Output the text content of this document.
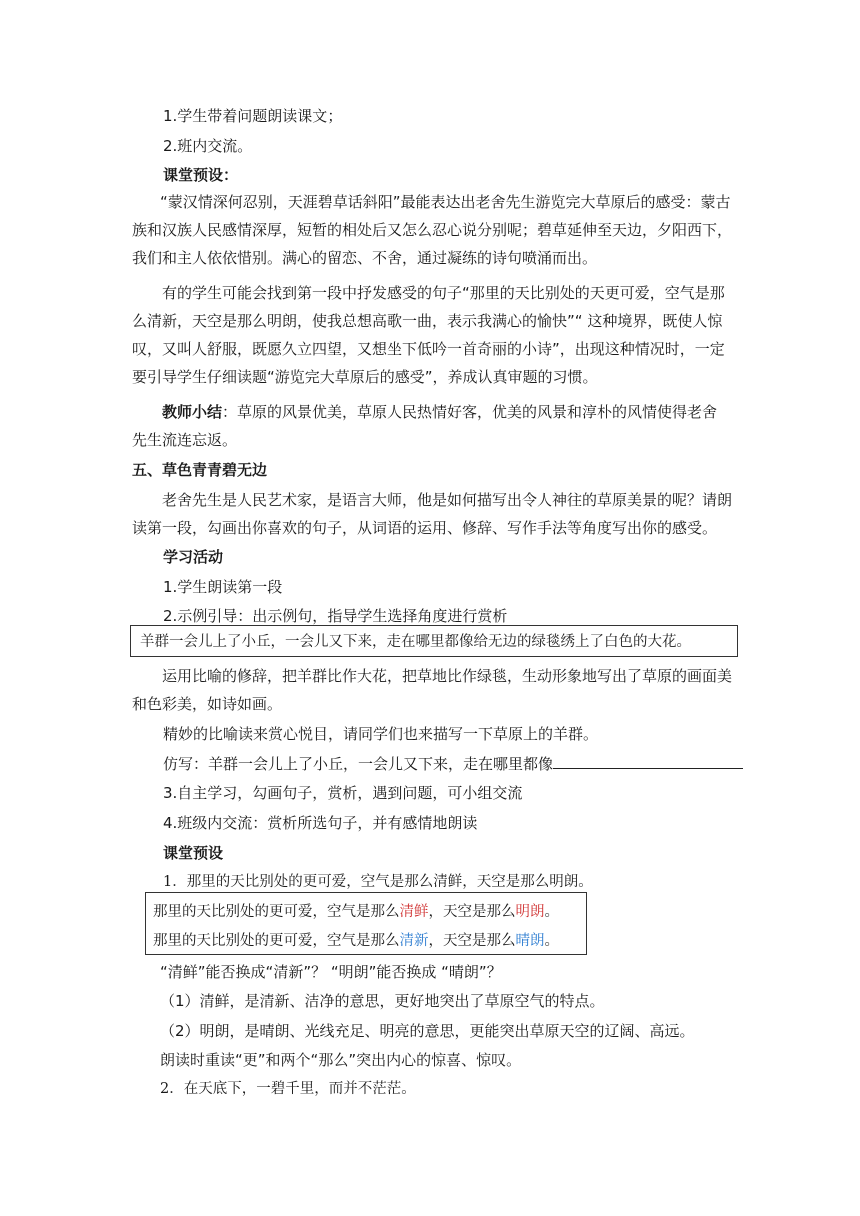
1.学生带着问题朗读课文；
2.班内交流。
课堂预设：
“蒙汉情深何忍别，天涯碧草话斜阳”最能表达出老舍先生游览完大草原后的感受：蒙古族和汉族人民感情深厚，短暂的相处后又怎么忍心说分别呢；碧草延伸至天边，夕阳西下，我们和主人依依惜别。满心的留恋、不舍，通过凝练的诗句喷涌而出。
有的学生可能会找到第一段中抒发感受的句子“那里的天比别处的天更可爱，空气是那么清新，天空是那么明朗，使我总想高歌一曲，表示我满心的愉快”“ 这种境界，既使人惊叹，又叫人舒服，既愿久立四望，又想坐下低吟一首奇丽的小诗”，出现这种情况时，一定要引导学生仔细读题“游览完大草原后的感受”，养成认真审题的习惯。
教师小结：草原的风景优美，草原人民热情好客，优美的风景和淳朴的风情使得老舍先生流连忘返。
五、草色青青碧无边
老舍先生是人民艺术家，是语言大师，他是如何描写出令人神往的草原美景的呢？请朗读第一段，勾画出你喜欢的句子，从词语的运用、修辞、写作手法等角度写出你的感受。
学习活动
1.学生朗读第一段
2.示例引导：出示例句，指导学生选择角度进行赏析
羊群一会儿上了小丘，一会儿又下来，走在哪里都像给无边的绿毯绣上了白色的大花。
运用比喻的修辞，把羊群比作大花，把草地比作绿毯，生动形象地写出了草原的画面美和色彩美，如诗如画。
精妙的比喻读来赏心悦目，请同学们也来描写一下草原上的羊群。
仿写：羊群一会儿上了小丘，一会儿又下来，走在哪里都像
3.自主学习，勾画句子，赏析，遇到问题，可小组交流
4.班级内交流：赏析所选句子，并有感情地朗读
课堂预设
1．那里的天比别处的更可爱，空气是那么清鲜，天空是那么明朗。
那里的天比别处的更可爱，空气是那么清鲜，天空是那么明朗。
那里的天比别处的更可爱，空气是那么清新，天空是那么晴朗。
“清鲜”能否换成“清新”？ “明朗”能否换成 “晴朗”？
（1）清鲜，是清新、洁净的意思，更好地突出了草原空气的特点。
（2）明朗，是晴朗、光线充足、明亮的意思，更能突出草原天空的辽阔、高远。
朗读时重读“更”和两个“那么”突出内心的惊喜、惊叹。
2．在天底下，一碧千里，而并不茫茫。
